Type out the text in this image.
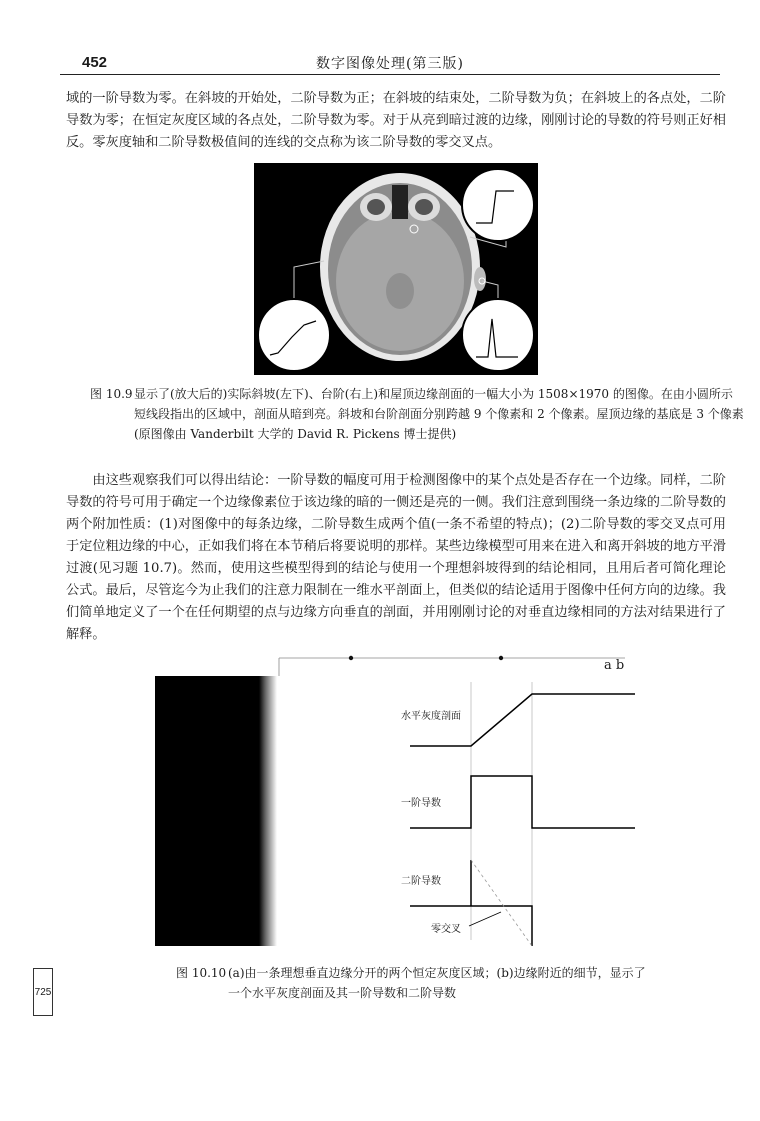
452	数字图像处理(第三版)

域的一阶导数为零。在斜坡的开始处，二阶导数为正；在斜坡的结束处，二阶导数为负；在斜坡上的各点处，二阶导数为零；在恒定灰度区域的各点处，二阶导数为零。对于从亮到暗过渡的边缘，刚刚讨论的导数的符号则正好相反。零灰度轴和二阶导数极值间的连线的交点称为该二阶导数的零交叉点。

图 10.9 显示了(放大后的)实际斜坡(左下)、台阶(右上)和屋顶边缘剖面的一幅大小为 1508×1970 的图像。在由小圆所示短线段指出的区域中，剖面从暗到亮。斜坡和台阶剖面分别跨越 9 个像素和 2 个像素。屋顶边缘的基底是 3 个像素(原图像由 Vanderbilt 大学的 David R. Pickens 博士提供)

由这些观察我们可以得出结论：一阶导数的幅度可用于检测图像中的某个点处是否存在一个边缘。同样，二阶导数的符号可用于确定一个边缘像素位于该边缘的暗的一侧还是亮的一侧。我们注意到围绕一条边缘的二阶导数的两个附加性质：(1)对图像中的每条边缘，二阶导数生成两个值(一条不希望的特点)；(2)二阶导数的零交叉点可用于定位粗边缘的中心，正如我们将在本节稍后将要说明的那样。某些边缘模型可用来在进入和离开斜坡的地方平滑过渡(见习题 10.7)。然而，使用这些模型得到的结论与使用一个理想斜坡得到的结论相同，且用后者可简化理论公式。最后，尽管迄今为止我们的注意力限制在一维水平剖面上，但类似的结论适用于图像中任何方向的边缘。我们简单地定义了一个在任何期望的点与边缘方向垂直的剖面，并用刚刚讨论的对垂直边缘相同的方法对结果进行了解释。

a b
水平灰度剖面
一阶导数
二阶导数
零交叉
图 10.10 (a)由一条理想垂直边缘分开的两个恒定灰度区域；(b)边缘附近的细节，显示了一个水平灰度剖面及其一阶导数和二阶导数
725
